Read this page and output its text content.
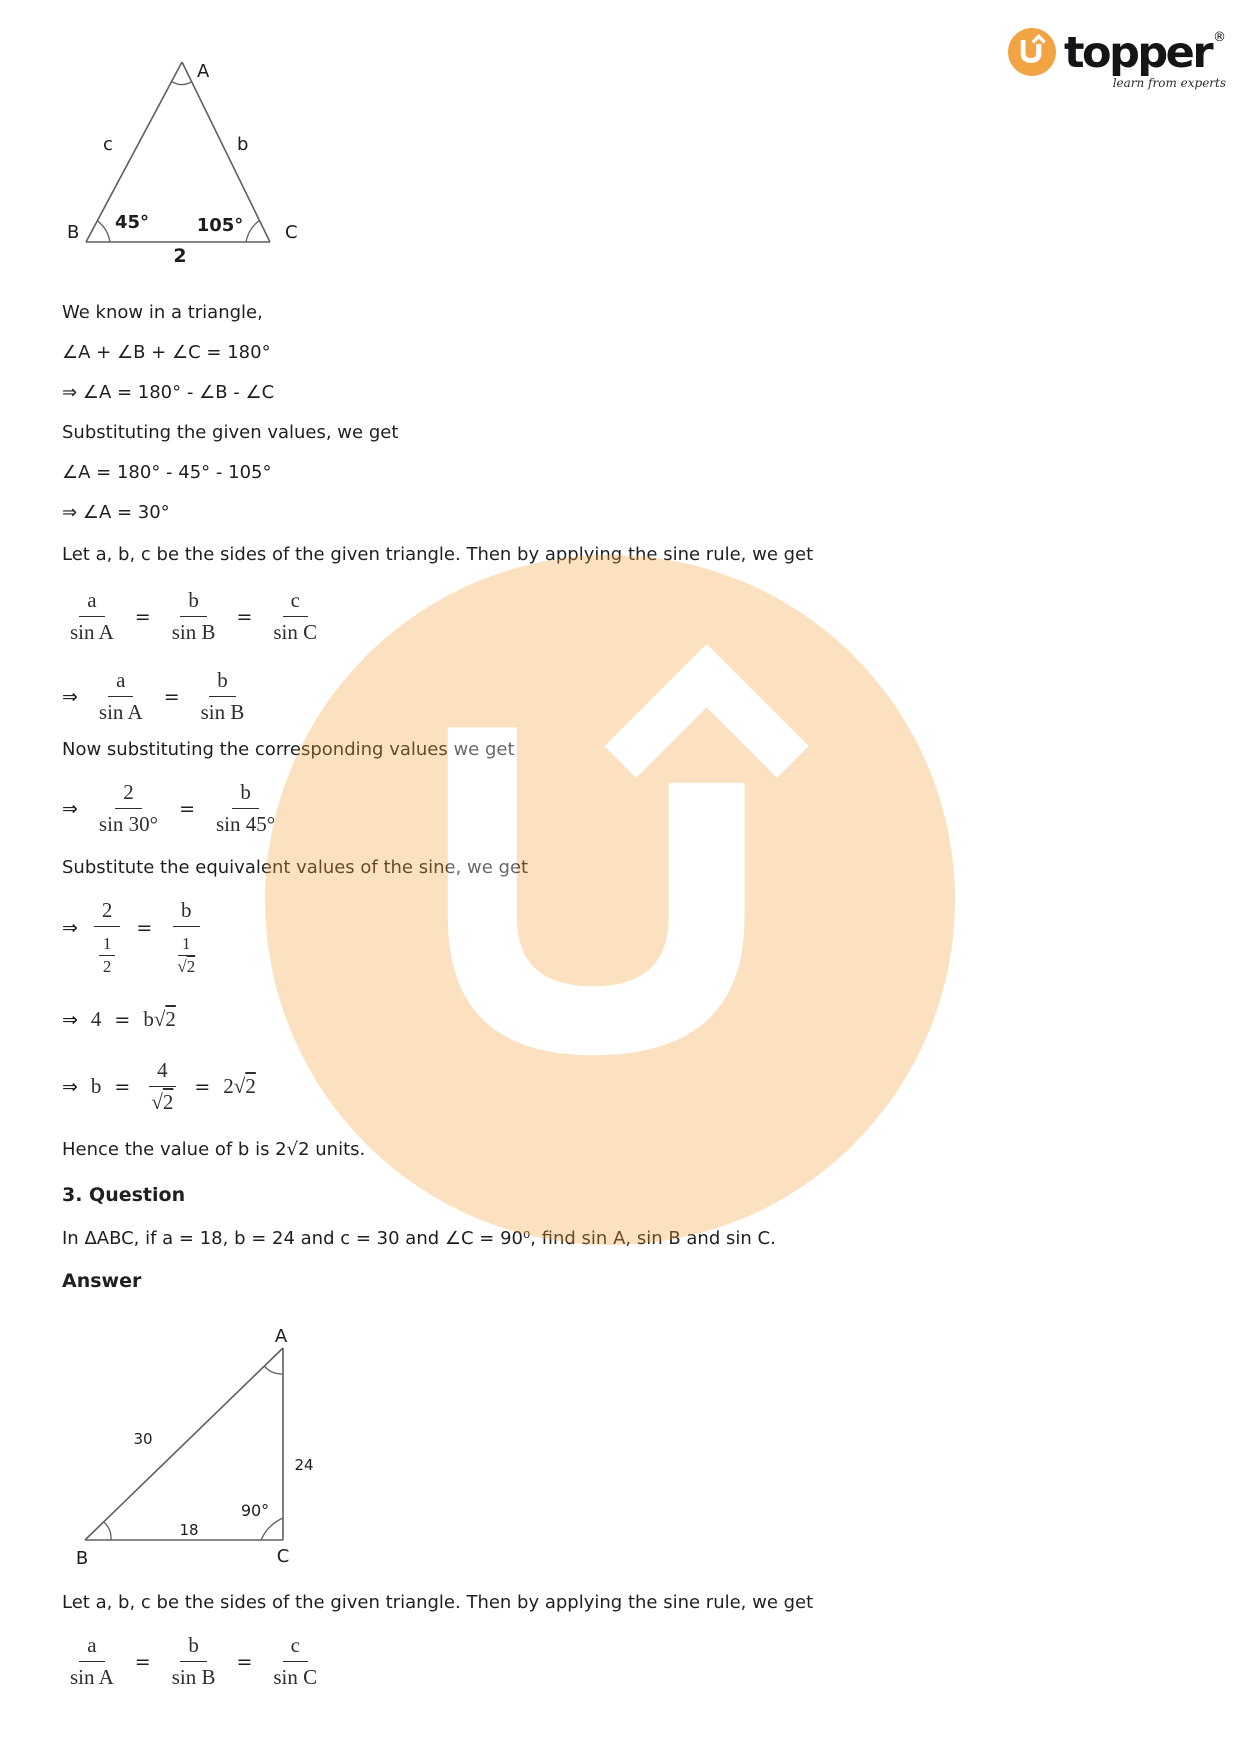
topper ®
learn from experts
A
B	C
c	b
45°	105°
2
We know in a triangle,
∠A + ∠B + ∠C = 180°
⇒ ∠A = 180° - ∠B - ∠C
Substituting the given values, we get
∠A = 180° - 45° - 105°
⇒ ∠A = 30°
Let a, b, c be the sides of the given triangle. Then by applying the sine rule, we get
$\frac{a}{\text{sin A}} = \frac{b}{\text{sin B}} = \frac{c}{\text{sin C}}$
⇒ $\frac{a}{\text{sin A}} = \frac{b}{\text{sin B}}$
Now substituting the corresponding values we get
⇒ $\frac{2}{\sin 30^\circ} = \frac{b}{\sin 45^\circ}$
Substitute the equivalent values of the sine, we get
⇒ $\frac{2}{\frac{1}{2}} = \frac{b}{\frac{1}{√2}}$
⇒ 4 = b√2
⇒ $b = \frac{4}{√2} = 2√2$
Hence the value of b is 2√2 units.
3. Question
In ΔABC, if a = 18, b = 24 and c = 30 and ∠C = 90⁰, find sin A, sin B and sin C.
Answer
A
B	C
30
24
18
90°
Let a, b, c be the sides of the given triangle. Then by applying the sine rule, we get
$\frac{a}{\text{sin A}} = \frac{b}{\text{sin B}} = \frac{c}{\text{sin C}}$
